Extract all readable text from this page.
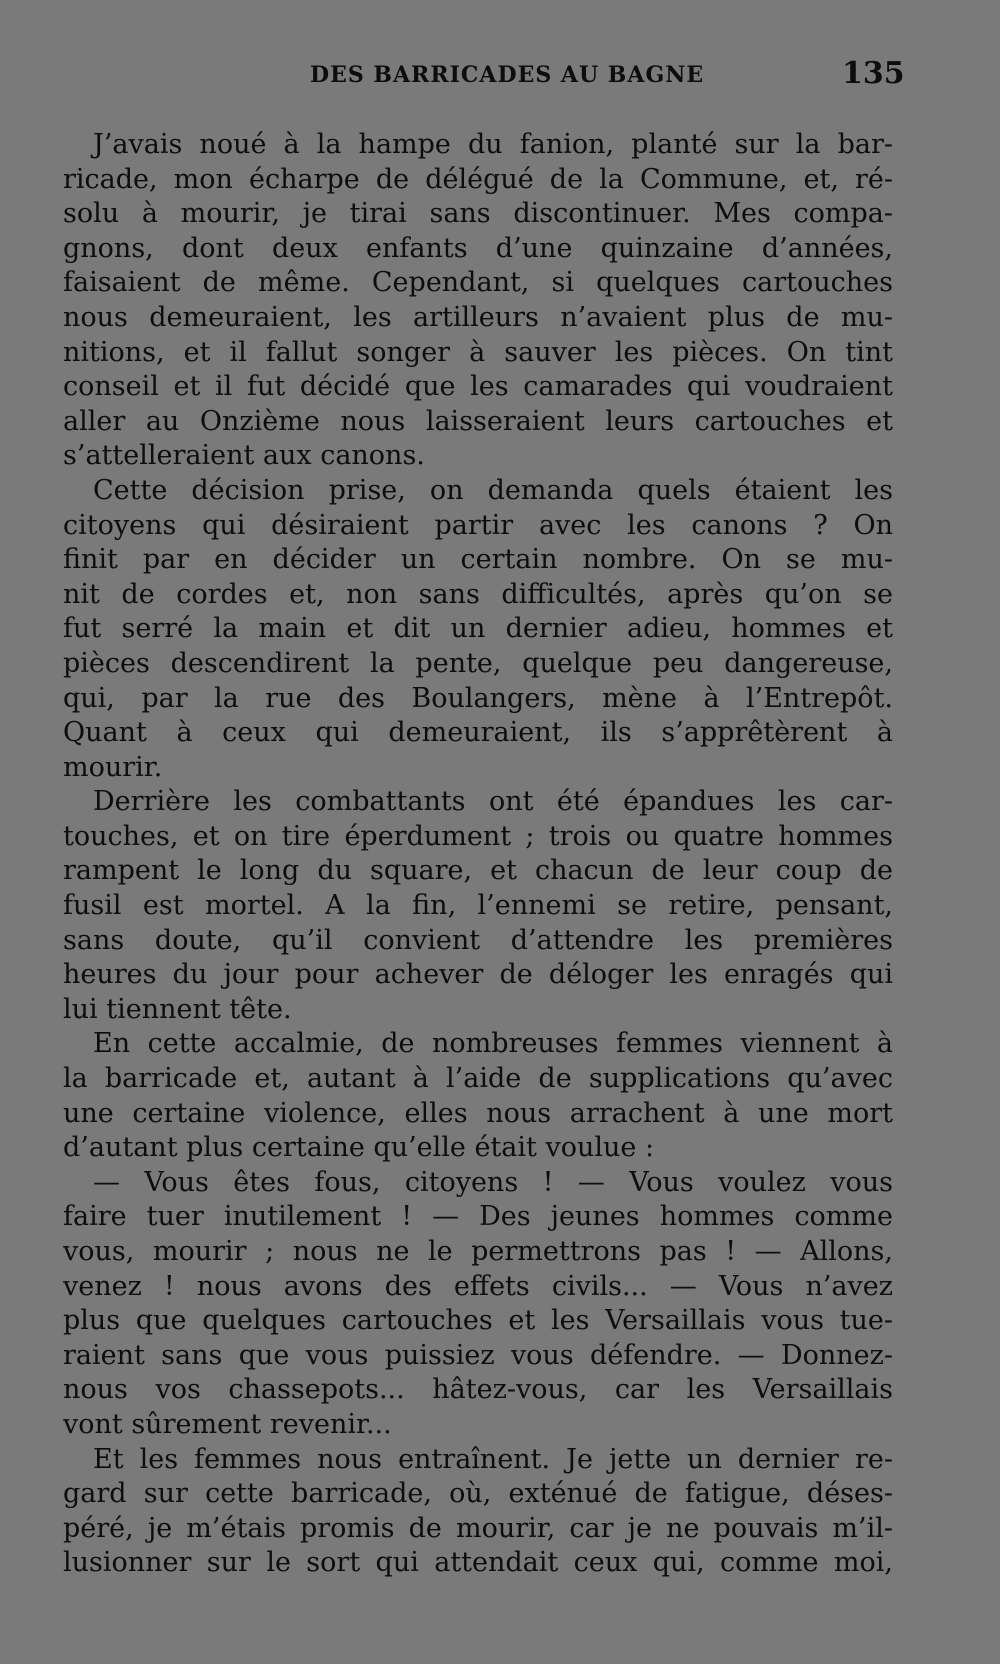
DES BARRICADES AU BAGNE	135
J’avais noué à la hampe du fanion, planté sur la bar-
ricade, mon écharpe de délégué de la Commune, et, ré-
solu à mourir, je tirai sans discontinuer. Mes compa-
gnons, dont deux enfants d’une quinzaine d’années,
faisaient de même. Cependant, si quelques cartouches
nous demeuraient, les artilleurs n’avaient plus de mu-
nitions, et il fallut songer à sauver les pièces. On tint
conseil et il fut décidé que les camarades qui voudraient
aller au Onzième nous laisseraient leurs cartouches et
s’attelleraient aux canons.
Cette décision prise, on demanda quels étaient les
citoyens qui désiraient partir avec les canons ? On
finit par en décider un certain nombre. On se mu-
nit de cordes et, non sans difficultés, après qu’on se
fut serré la main et dit un dernier adieu, hommes et
pièces descendirent la pente, quelque peu dangereuse,
qui, par la rue des Boulangers, mène à l’Entrepôt.
Quant à ceux qui demeuraient, ils s’apprêtèrent à
mourir.
Derrière les combattants ont été épandues les car-
touches, et on tire éperdument ; trois ou quatre hommes
rampent le long du square, et chacun de leur coup de
fusil est mortel. A la fin, l’ennemi se retire, pensant,
sans doute, qu’il convient d’attendre les premières
heures du jour pour achever de déloger les enragés qui
lui tiennent tête.
En cette accalmie, de nombreuses femmes viennent à
la barricade et, autant à l’aide de supplications qu’avec
une certaine violence, elles nous arrachent à une mort
d’autant plus certaine qu’elle était voulue :
— Vous êtes fous, citoyens ! — Vous voulez vous
faire tuer inutilement ! — Des jeunes hommes comme
vous, mourir ; nous ne le permettrons pas ! — Allons,
venez ! nous avons des effets civils... — Vous n’avez
plus que quelques cartouches et les Versaillais vous tue-
raient sans que vous puissiez vous défendre. — Donnez-
nous vos chassepots... hâtez-vous, car les Versaillais
vont sûrement revenir...
Et les femmes nous entraînent. Je jette un dernier re-
gard sur cette barricade, où, exténué de fatigue, déses-
péré, je m’étais promis de mourir, car je ne pouvais m’il-
lusionner sur le sort qui attendait ceux qui, comme moi,
